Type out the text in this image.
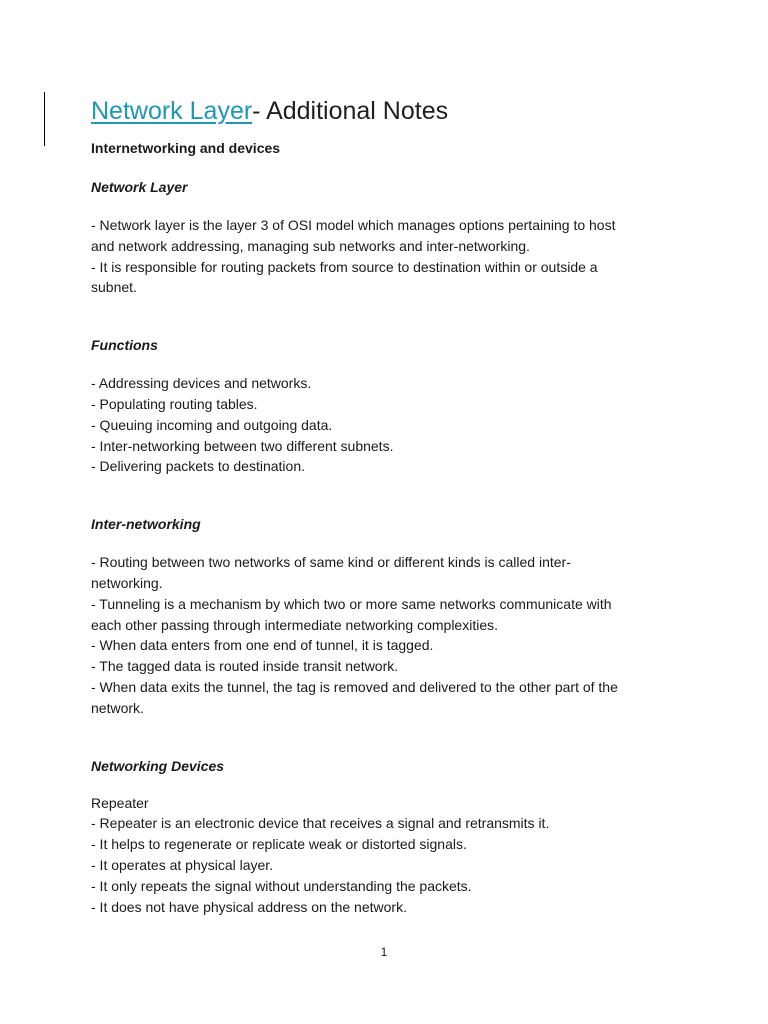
Network Layer- Additional Notes

Internetworking and devices

Network Layer

- Network layer is the layer 3 of OSI model which manages options pertaining to host

and network addressing, managing sub networks and inter-networking.

- It is responsible for routing packets from source to destination within or outside a

subnet.

Functions

- Addressing devices and networks.

- Populating routing tables.

- Queuing incoming and outgoing data.

- Inter-networking between two different subnets.

- Delivering packets to destination.

Inter-networking

- Routing between two networks of same kind or different kinds is called inter-

networking.

- Tunneling is a mechanism by which two or more same networks communicate with

each other passing through intermediate networking complexities.

- When data enters from one end of tunnel, it is tagged.

- The tagged data is routed inside transit network.

- When data exits the tunnel, the tag is removed and delivered to the other part of the

network.

Networking Devices

Repeater

- Repeater is an electronic device that receives a signal and retransmits it.

- It helps to regenerate or replicate weak or distorted signals.

- It operates at physical layer.

- It only repeats the signal without understanding the packets.

- It does not have physical address on the network.

1
